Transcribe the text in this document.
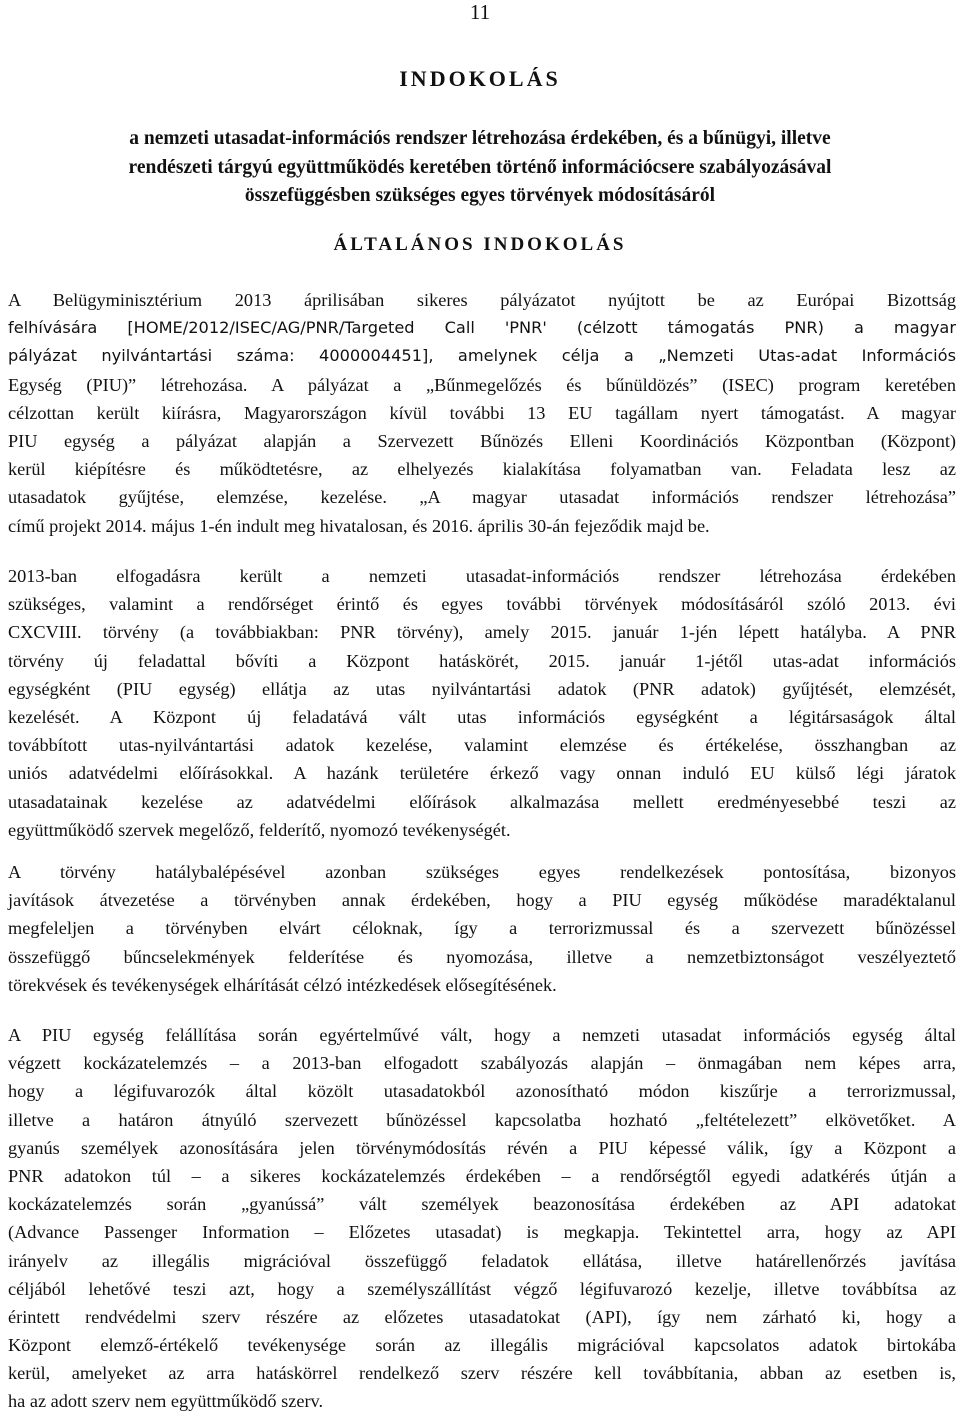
11
INDOKOLÁS
a nemzeti utasadat-információs rendszer létrehozása érdekében, és a bűnügyi, illetve
rendészeti tárgyú együttműködés keretében történő információcsere szabályozásával
összefüggésben szükséges egyes törvények módosításáról
ÁLTALÁNOS INDOKOLÁS
A Belügyminisztérium 2013 áprilisában sikeres pályázatot nyújtott be az Európai Bizottság
felhívására [HOME/2012/ISEC/AG/PNR/Targeted Call 'PNR' (célzott támogatás PNR) a magyar
pályázat nyilvántartási száma: 4000004451], amelynek célja a „Nemzeti Utas-adat Információs
Egység (PIU)” létrehozása. A pályázat a „Bűnmegelőzés és bűnüldözés” (ISEC) program keretében
célzottan került kiírásra, Magyarországon kívül további 13 EU tagállam nyert támogatást. A magyar
PIU egység a pályázat alapján a Szervezett Bűnözés Elleni Koordinációs Központban (Központ)
kerül kiépítésre és működtetésre, az elhelyezés kialakítása folyamatban van. Feladata lesz az
utasadatok gyűjtése, elemzése, kezelése. „A magyar utasadat információs rendszer létrehozása”
című projekt 2014. május 1-én indult meg hivatalosan, és 2016. április 30-án fejeződik majd be.
2013-ban elfogadásra került a nemzeti utasadat-információs rendszer létrehozása érdekében
szükséges, valamint a rendőrséget érintő és egyes további törvények módosításáról szóló 2013. évi
CXCVIII. törvény (a továbbiakban: PNR törvény), amely 2015. január 1-jén lépett hatályba. A PNR
törvény új feladattal bővíti a Központ hatáskörét, 2015. január 1-jétől utas-adat információs
egységként (PIU egység) ellátja az utas nyilvántartási adatok (PNR adatok) gyűjtését, elemzését,
kezelését. A Központ új feladatává vált utas információs egységként a légitársaságok által
továbbított utas-nyilvántartási adatok kezelése, valamint elemzése és értékelése, összhangban az
uniós adatvédelmi előírásokkal. A hazánk területére érkező vagy onnan induló EU külső légi járatok
utasadatainak kezelése az adatvédelmi előírások alkalmazása mellett eredményesebbé teszi az
együttműködő szervek megelőző, felderítő, nyomozó tevékenységét.
A törvény hatálybalépésével azonban szükséges egyes rendelkezések pontosítása, bizonyos
javítások átvezetése a törvényben annak érdekében, hogy a PIU egység működése maradéktalanul
megfeleljen a törvényben elvárt céloknak, így a terrorizmussal és a szervezett bűnözéssel
összefüggő bűncselekmények felderítése és nyomozása, illetve a nemzetbiztonságot veszélyeztető
törekvések és tevékenységek elhárítását célzó intézkedések elősegítésének.
A PIU egység felállítása során egyértelművé vált, hogy a nemzeti utasadat információs egység által
végzett kockázatelemzés – a 2013-ban elfogadott szabályozás alapján – önmagában nem képes arra,
hogy a légifuvarozók által közölt utasadatokból azonosítható módon kiszűrje a terrorizmussal,
illetve a határon átnyúló szervezett bűnözéssel kapcsolatba hozható „feltételezett” elkövetőket. A
gyanús személyek azonosítására jelen törvénymódosítás révén a PIU képessé válik, így a Központ a
PNR adatokon túl – a sikeres kockázatelemzés érdekében – a rendőrségtől egyedi adatkérés útján a
kockázatelemzés során „gyanússá” vált személyek beazonosítása érdekében az API adatokat
(Advance Passenger Information – Előzetes utasadat) is megkapja. Tekintettel arra, hogy az API
irányelv az illegális migrációval összefüggő feladatok ellátása, illetve határellenőrzés javítása
céljából lehetővé teszi azt, hogy a személyszállítást végző légifuvarozó kezelje, illetve továbbítsa az
érintett rendvédelmi szerv részére az előzetes utasadatokat (API), így nem zárható ki, hogy a
Központ elemző-értékelő tevékenysége során az illegális migrációval kapcsolatos adatok birtokába
kerül, amelyeket az arra hatáskörrel rendelkező szerv részére kell továbbítania, abban az esetben is,
ha az adott szerv nem együttműködő szerv.
